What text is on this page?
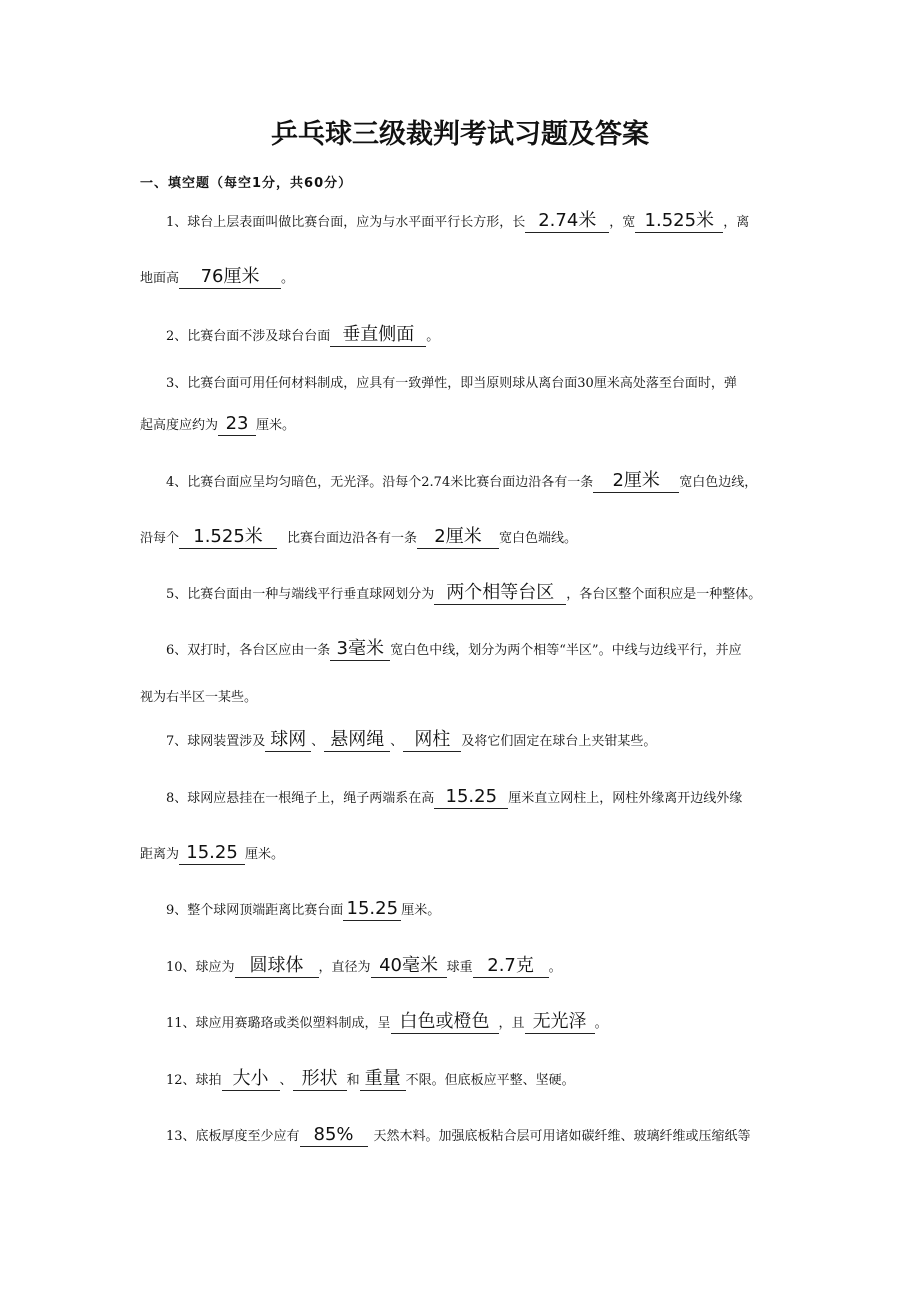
乒乓球三级裁判考试习题及答案
一、填空题（每空1分，共60分）
1、球台上层表面叫做比赛台面，应为与水平面平行长方形，长 2.74米 ，宽 1.525米 ，离
地面高 76厘米 。
2、比赛台面不涉及球台台面 垂直侧面 。
3、比赛台面可用任何材料制成，应具有一致弹性，即当原则球从离台面30厘米高处落至台面时，弹
起高度应约为 23 厘米。
4、比赛台面应呈均匀暗色，无光泽。沿每个2.74米比赛台面边沿各有一条 2厘米 宽白色边线，
沿每个 1.525米 比赛台面边沿各有一条 2厘米 宽白色端线。
5、比赛台面由一种与端线平行垂直球网划分为 两个相等台区 ，各台区整个面积应是一种整体。
6、双打时，各台区应由一条 3毫米 宽白色中线，划分为两个相等“半区”。中线与边线平行，并应
视为右半区一某些。
7、球网装置涉及 球网 、 悬网绳 、 网柱 及将它们固定在球台上夹钳某些。
8、球网应悬挂在一根绳子上，绳子两端系在高 15.25 厘米直立网柱上，网柱外缘离开边线外缘
距离为 15.25 厘米。
9、整个球网顶端距离比赛台面 15.25 厘米。
10、球应为 圆球体 ，直径为 40毫米 球重 2.7克 。
11、球应用赛璐珞或类似塑料制成，呈 白色或橙色 ，且 无光泽 。
12、球拍 大小 、 形状 和 重量 不限。但底板应平整、坚硬。
13、底板厚度至少应有 85% 天然木料。加强底板粘合层可用诸如碳纤维、玻璃纤维或压缩纸等
